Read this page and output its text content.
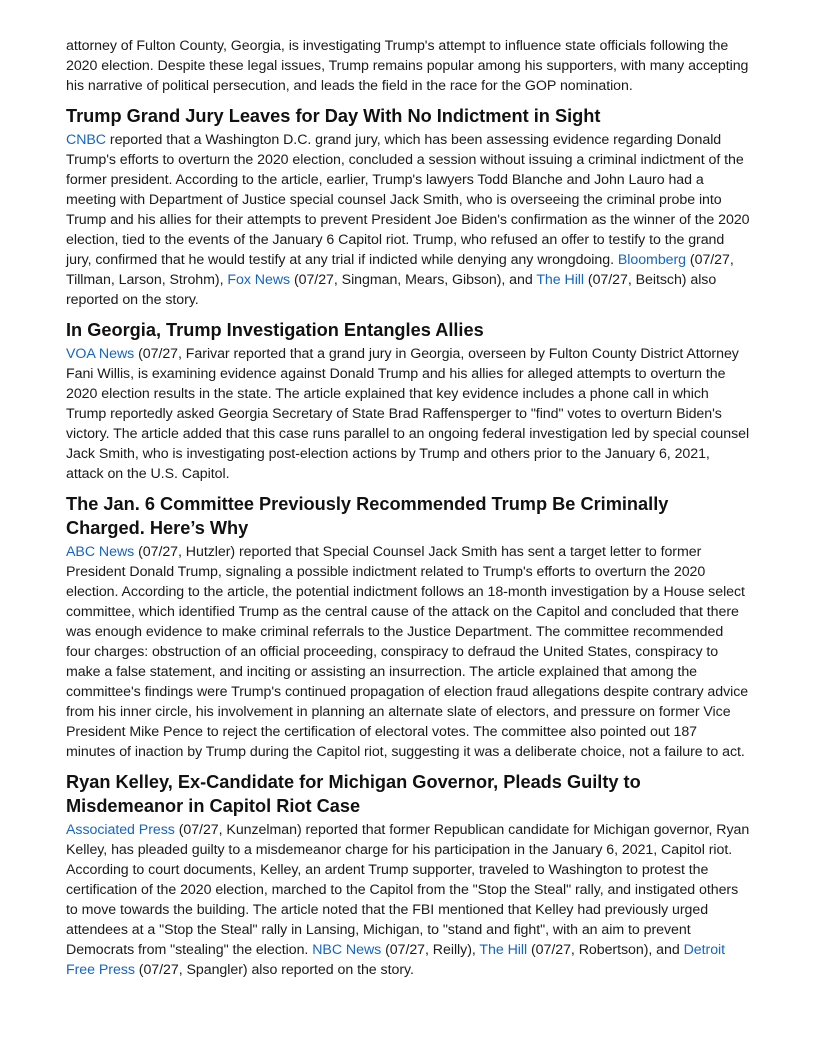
attorney of Fulton County, Georgia, is investigating Trump's attempt to influence state officials following the 2020 election. Despite these legal issues, Trump remains popular among his supporters, with many accepting his narrative of political persecution, and leads the field in the race for the GOP nomination.

Trump Grand Jury Leaves for Day With No Indictment in Sight

CNBC reported that a Washington D.C. grand jury, which has been assessing evidence regarding Donald Trump's efforts to overturn the 2020 election, concluded a session without issuing a criminal indictment of the former president. According to the article, earlier, Trump's lawyers Todd Blanche and John Lauro had a meeting with Department of Justice special counsel Jack Smith, who is overseeing the criminal probe into Trump and his allies for their attempts to prevent President Joe Biden's confirmation as the winner of the 2020 election, tied to the events of the January 6 Capitol riot. Trump, who refused an offer to testify to the grand jury, confirmed that he would testify at any trial if indicted while denying any wrongdoing. Bloomberg (07/27, Tillman, Larson, Strohm), Fox News (07/27, Singman, Mears, Gibson), and The Hill (07/27, Beitsch) also reported on the story.

In Georgia, Trump Investigation Entangles Allies

VOA News (07/27, Farivar reported that a grand jury in Georgia, overseen by Fulton County District Attorney Fani Willis, is examining evidence against Donald Trump and his allies for alleged attempts to overturn the 2020 election results in the state. The article explained that key evidence includes a phone call in which Trump reportedly asked Georgia Secretary of State Brad Raffensperger to "find" votes to overturn Biden's victory. The article added that this case runs parallel to an ongoing federal investigation led by special counsel Jack Smith, who is investigating post-election actions by Trump and others prior to the January 6, 2021, attack on the U.S. Capitol.

The Jan. 6 Committee Previously Recommended Trump Be Criminally Charged. Here’s Why

ABC News (07/27, Hutzler) reported that Special Counsel Jack Smith has sent a target letter to former President Donald Trump, signaling a possible indictment related to Trump's efforts to overturn the 2020 election. According to the article, the potential indictment follows an 18-month investigation by a House select committee, which identified Trump as the central cause of the attack on the Capitol and concluded that there was enough evidence to make criminal referrals to the Justice Department. The committee recommended four charges: obstruction of an official proceeding, conspiracy to defraud the United States, conspiracy to make a false statement, and inciting or assisting an insurrection. The article explained that among the committee's findings were Trump's continued propagation of election fraud allegations despite contrary advice from his inner circle, his involvement in planning an alternate slate of electors, and pressure on former Vice President Mike Pence to reject the certification of electoral votes. The committee also pointed out 187 minutes of inaction by Trump during the Capitol riot, suggesting it was a deliberate choice, not a failure to act.

Ryan Kelley, Ex-Candidate for Michigan Governor, Pleads Guilty to Misdemeanor in Capitol Riot Case

Associated Press (07/27, Kunzelman) reported that former Republican candidate for Michigan governor, Ryan Kelley, has pleaded guilty to a misdemeanor charge for his participation in the January 6, 2021, Capitol riot. According to court documents, Kelley, an ardent Trump supporter, traveled to Washington to protest the certification of the 2020 election, marched to the Capitol from the "Stop the Steal" rally, and instigated others to move towards the building. The article noted that the FBI mentioned that Kelley had previously urged attendees at a "Stop the Steal" rally in Lansing, Michigan, to "stand and fight", with an aim to prevent Democrats from "stealing" the election. NBC News (07/27, Reilly), The Hill (07/27, Robertson), and Detroit Free Press (07/27, Spangler) also reported on the story.
